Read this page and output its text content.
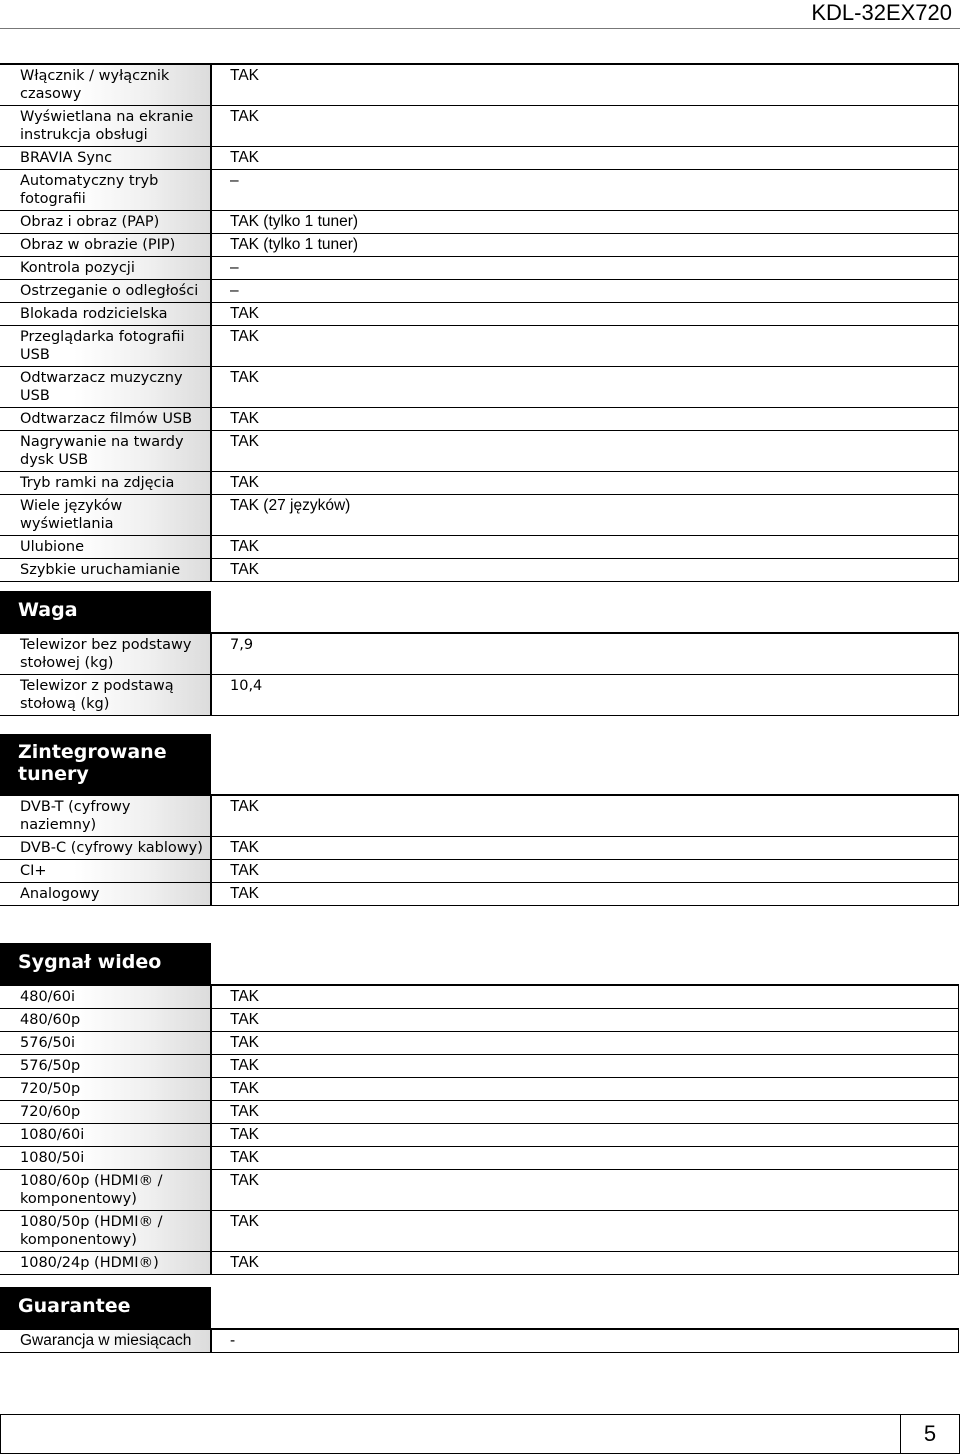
KDL-32EX720
Włącznik / wyłącznik czasowy	TAK
Wyświetlana na ekranie instrukcja obsługi	TAK
BRAVIA Sync	TAK
Automatyczny tryb fotografii	–
Obraz i obraz (PAP)	TAK (tylko 1 tuner)
Obraz w obrazie (PIP)	TAK (tylko 1 tuner)
Kontrola pozycji	–
Ostrzeganie o odległości	–
Blokada rodzicielska	TAK
Przeglądarka fotografii USB	TAK
Odtwarzacz muzyczny USB	TAK
Odtwarzacz filmów USB	TAK
Nagrywanie na twardy dysk USB	TAK
Tryb ramki na zdjęcia	TAK
Wiele języków wyświetlania	TAK (27 języków)
Ulubione	TAK
Szybkie uruchamianie	TAK
Waga
Telewizor bez podstawy stołowej (kg)	7,9
Telewizor z podstawą stołową (kg)	10,4
Zintegrowane tunery
DVB-T (cyfrowy naziemny)	TAK
DVB-C (cyfrowy kablowy)	TAK
CI+	TAK
Analogowy	TAK
Sygnał wideo
480/60i	TAK
480/60p	TAK
576/50i	TAK
576/50p	TAK
720/50p	TAK
720/60p	TAK
1080/60i	TAK
1080/50i	TAK
1080/60p (HDMI® / komponentowy)	TAK
1080/50p (HDMI® / komponentowy)	TAK
1080/24p (HDMI®)	TAK
Guarantee
Gwarancja w miesiącach	-
5
